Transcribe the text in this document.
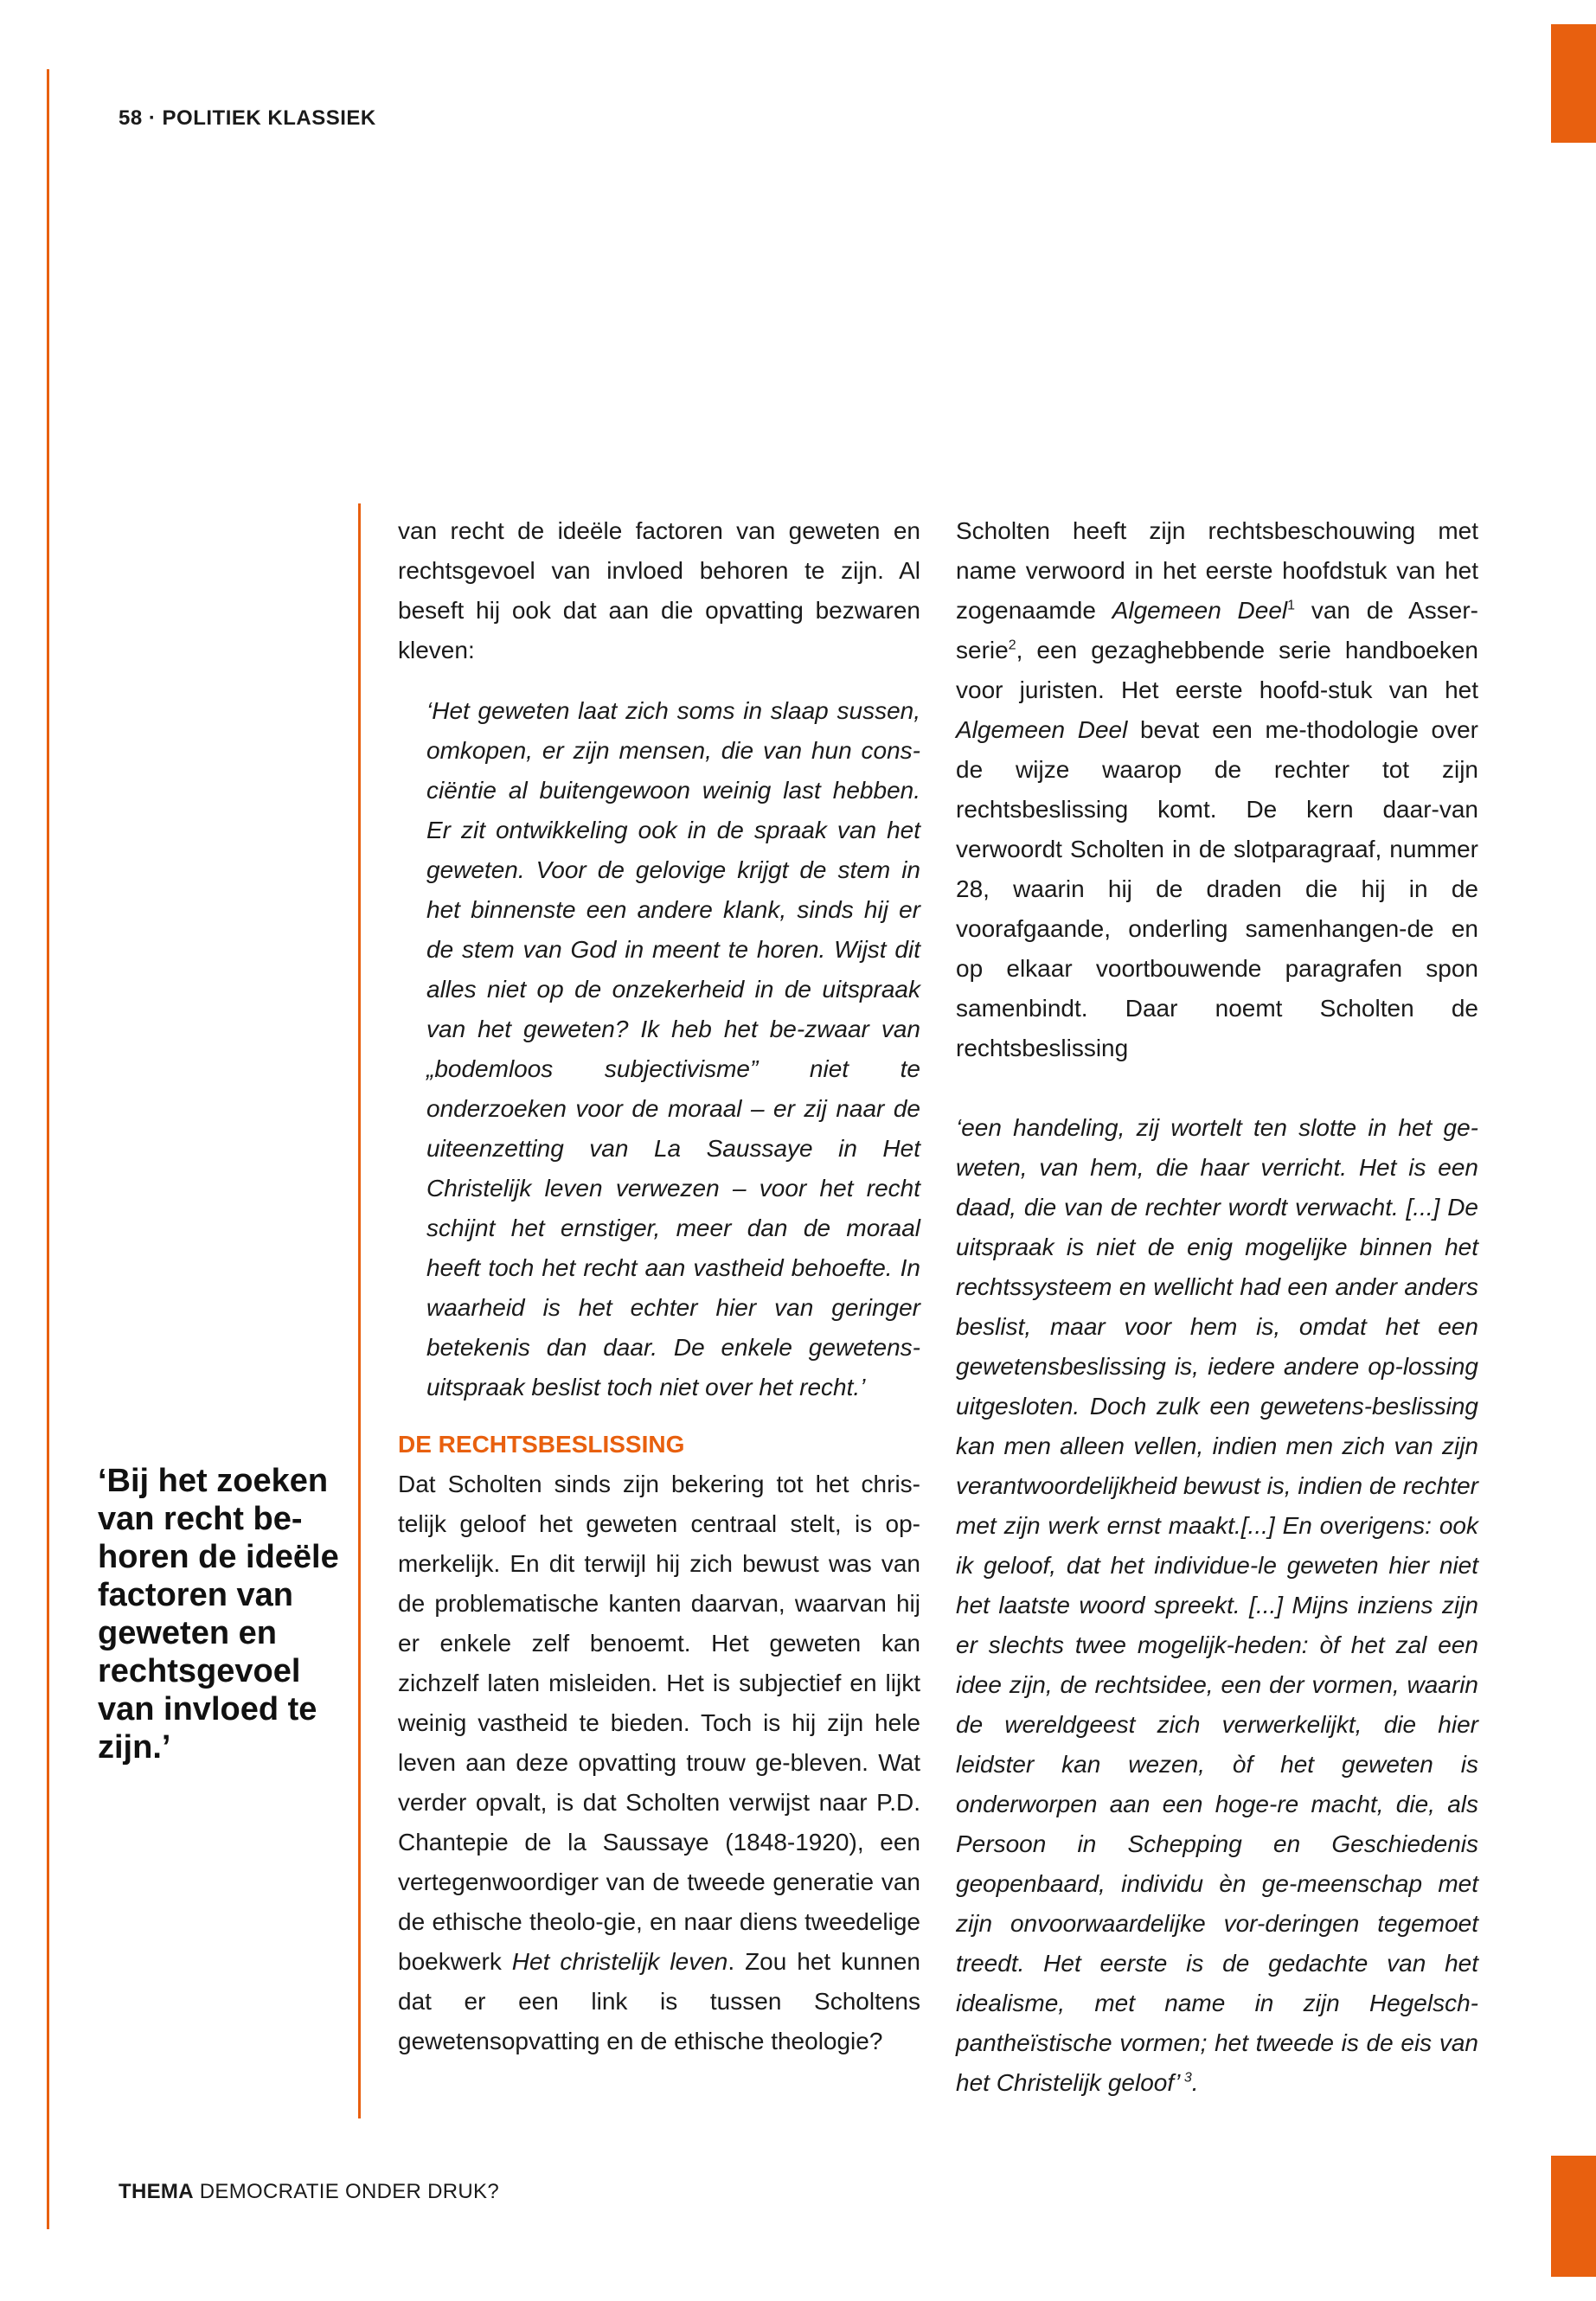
58 · POLITIEK KLASSIEK
‘Bij het zoeken van recht be-horen de ideële factoren van geweten en rechtsgevoel van invloed te zijn.’

van recht de ideële factoren van geweten en rechtsgevoel van invloed behoren te zijn. Al beseft hij ook dat aan die opvatting bezwaren kleven:

‘Het geweten laat zich soms in slaap sussen, omkopen, er zijn mensen, die van hun cons-ciëntie al buitengewoon weinig last hebben. Er zit ontwikkeling ook in de spraak van het geweten. Voor de gelovige krijgt de stem in het binnenste een andere klank, sinds hij er de stem van God in meent te horen. Wijst dit alles niet op de onzekerheid in de uitspraak van het geweten? Ik heb het be-zwaar van „bodemloos subjectivisme” niet te onderzoeken voor de moraal – er zij naar de uiteenzetting van La Saussaye in Het Christelijk leven verwezen – voor het recht schijnt het ernstiger, meer dan de moraal heeft toch het recht aan vastheid behoefte. In waarheid is het echter hier van geringer betekenis dan daar. De enkele gewetens-uitspraak beslist toch niet over het recht.’

DE RECHTSBESLISSING

Dat Scholten sinds zijn bekering tot het chris-telijk geloof het geweten centraal stelt, is op-merkelijk. En dit terwijl hij zich bewust was van de problematische kanten daarvan, waarvan hij er enkele zelf benoemt. Het geweten kan zichzelf laten misleiden. Het is subjectief en lijkt weinig vastheid te bieden. Toch is hij zijn hele leven aan deze opvatting trouw ge-bleven. Wat verder opvalt, is dat Scholten verwijst naar P.D. Chantepie de la Saussaye (1848-1920), een vertegenwoordiger van de tweede generatie van de ethische theolo-gie, en naar diens tweedelige boekwerk Het christelijk leven. Zou het kunnen dat er een link is tussen Scholtens gewetensopvatting en de ethische theologie?

Scholten heeft zijn rechtsbeschouwing met name verwoord in het eerste hoofdstuk van het zogenaamde Algemeen Deel$^1$ van de Asser-serie$^2$, een gezaghebbende serie handboeken voor juristen. Het eerste hoofd-stuk van het Algemeen Deel bevat een me-thodologie over de wijze waarop de rechter tot zijn rechtsbeslissing komt. De kern daar-van verwoordt Scholten in de slotparagraaf, nummer 28, waarin hij de draden die hij in de voorafgaande, onderling samenhangen-de en op elkaar voortbouwende paragrafen spon samenbindt. Daar noemt Scholten de rechtsbeslissing

‘een handeling, zij wortelt ten slotte in het ge-weten, van hem, die haar verricht. Het is een daad, die van de rechter wordt verwacht. [...] De uitspraak is niet de enig mogelijke binnen het rechtssysteem en wellicht had een ander anders beslist, maar voor hem is, omdat het een gewetensbeslissing is, iedere andere op-lossing uitgesloten. Doch zulk een gewetens-beslissing kan men alleen vellen, indien men zich van zijn verantwoordelijkheid bewust is, indien de rechter met zijn werk ernst maakt.[...] En overigens: ook ik geloof, dat het individue-le geweten hier niet het laatste woord spreekt. [...] Mijns inziens zijn er slechts twee mogelijk-heden: òf het zal een idee zijn, de rechtsidee, een der vormen, waarin de wereldgeest zich verwerkelijkt, die hier leidster kan wezen, òf het geweten is onderworpen aan een hoge-re macht, die, als Persoon in Schepping en Geschiedenis geopenbaard, individu èn ge-meenschap met zijn onvoorwaardelijke vor-deringen tegemoet treedt. Het eerste is de gedachte van het idealisme, met name in zijn Hegelsch-pantheïstische vormen; het tweede is de eis van het Christelijk geloof’ $^3$.

THEMA DEMOCRATIE ONDER DRUK?
